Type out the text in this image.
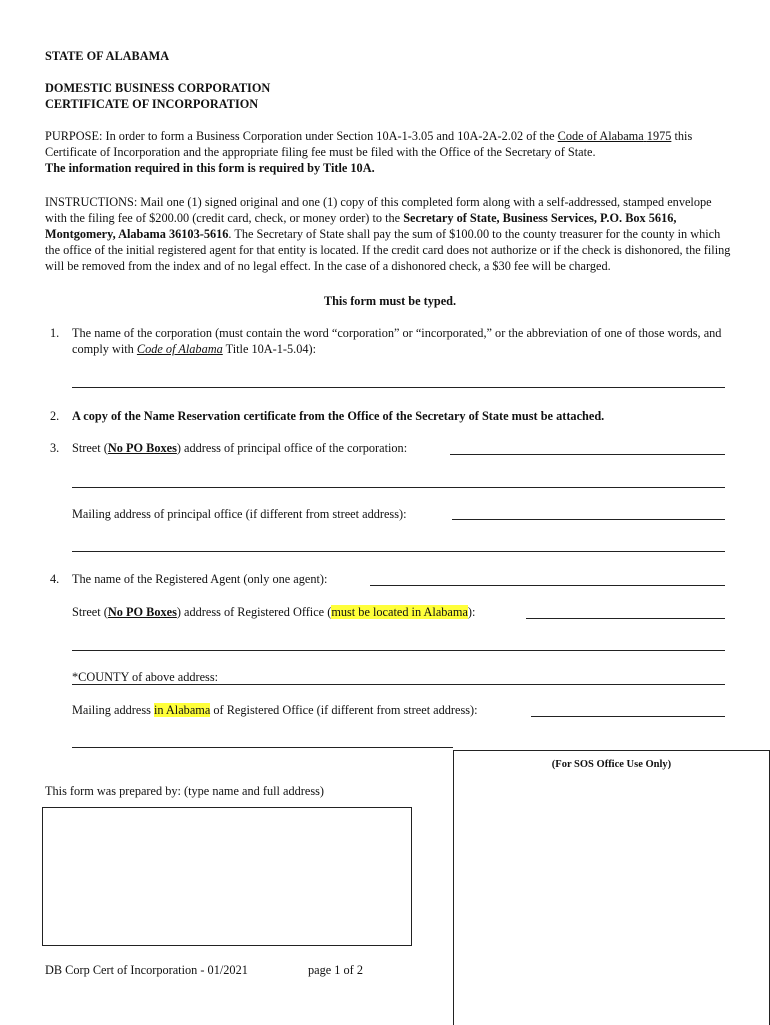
STATE OF ALABAMA
DOMESTIC BUSINESS CORPORATION
CERTIFICATE OF INCORPORATION
PURPOSE: In order to form a Business Corporation under Section 10A-1-3.05 and 10A-2A-2.02 of the Code of Alabama 1975 this Certificate of Incorporation and the appropriate filing fee must be filed with the Office of the Secretary of State.
The information required in this form is required by Title 10A.
INSTRUCTIONS: Mail one (1) signed original and one (1) copy of this completed form along with a self-addressed, stamped envelope with the filing fee of $200.00 (credit card, check, or money order) to the Secretary of State, Business Services, P.O. Box 5616, Montgomery, Alabama 36103-5616. The Secretary of State shall pay the sum of $100.00 to the county treasurer for the county in which the office of the initial registered agent for that entity is located. If the credit card does not authorize or if the check is dishonored, the filing will be removed from the index and of no legal effect. In the case of a dishonored check, a $30 fee will be charged.
This form must be typed.
1. The name of the corporation (must contain the word “corporation” or “incorporated,” or the abbreviation of one of those words, and comply with Code of Alabama Title 10A-1-5.04):
2. A copy of the Name Reservation certificate from the Office of the Secretary of State must be attached.
3. Street (No PO Boxes) address of principal office of the corporation:
Mailing address of principal office (if different from street address):
4. The name of the Registered Agent (only one agent):
Street (No PO Boxes) address of Registered Office (must be located in Alabama):
*COUNTY of above address:
Mailing address in Alabama of Registered Office (if different from street address):
(For SOS Office Use Only)
This form was prepared by: (type name and full address)
DB Corp Cert of Incorporation - 01/2021	page 1 of 2
